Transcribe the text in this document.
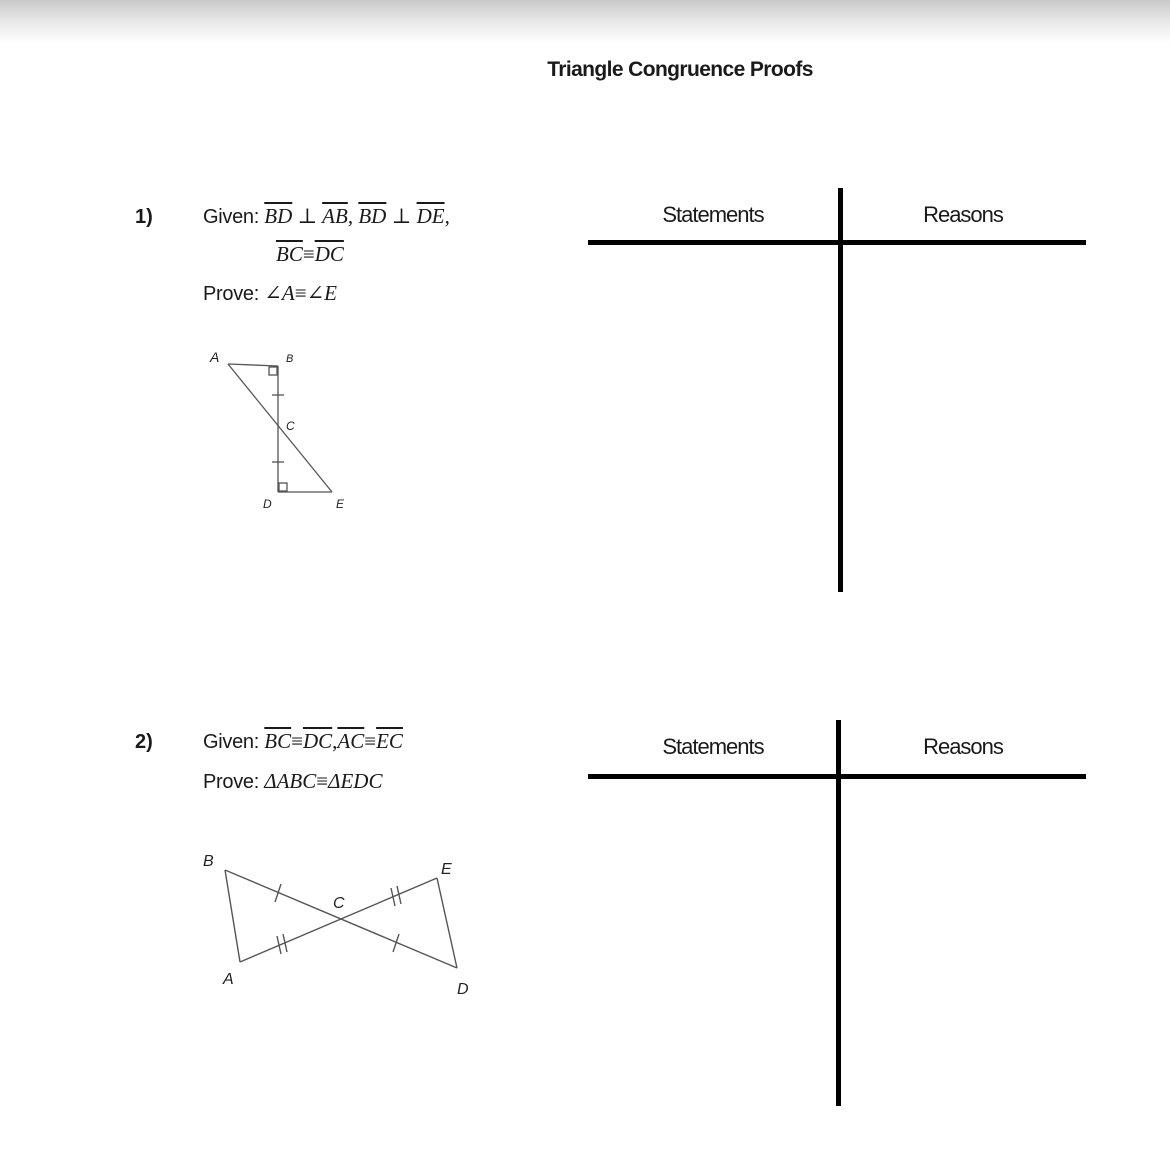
Triangle Congruence Proofs
1)	Given: $\overline{BD}$ ⊥ $\overline{AB}$, $\overline{BD}$ ⊥ $\overline{DE}$,
$\overline{BC}\equiv\overline{DC}$
Prove: ∠A≡∠E
A	B
C
D	E
Statements	Reasons
2)	Given: $\overline{BC}\equiv\overline{DC},\overline{AC}\equiv\overline{EC}$
Prove: ΔABC≡ΔEDC
B	E
C
A
D
Statements	Reasons
